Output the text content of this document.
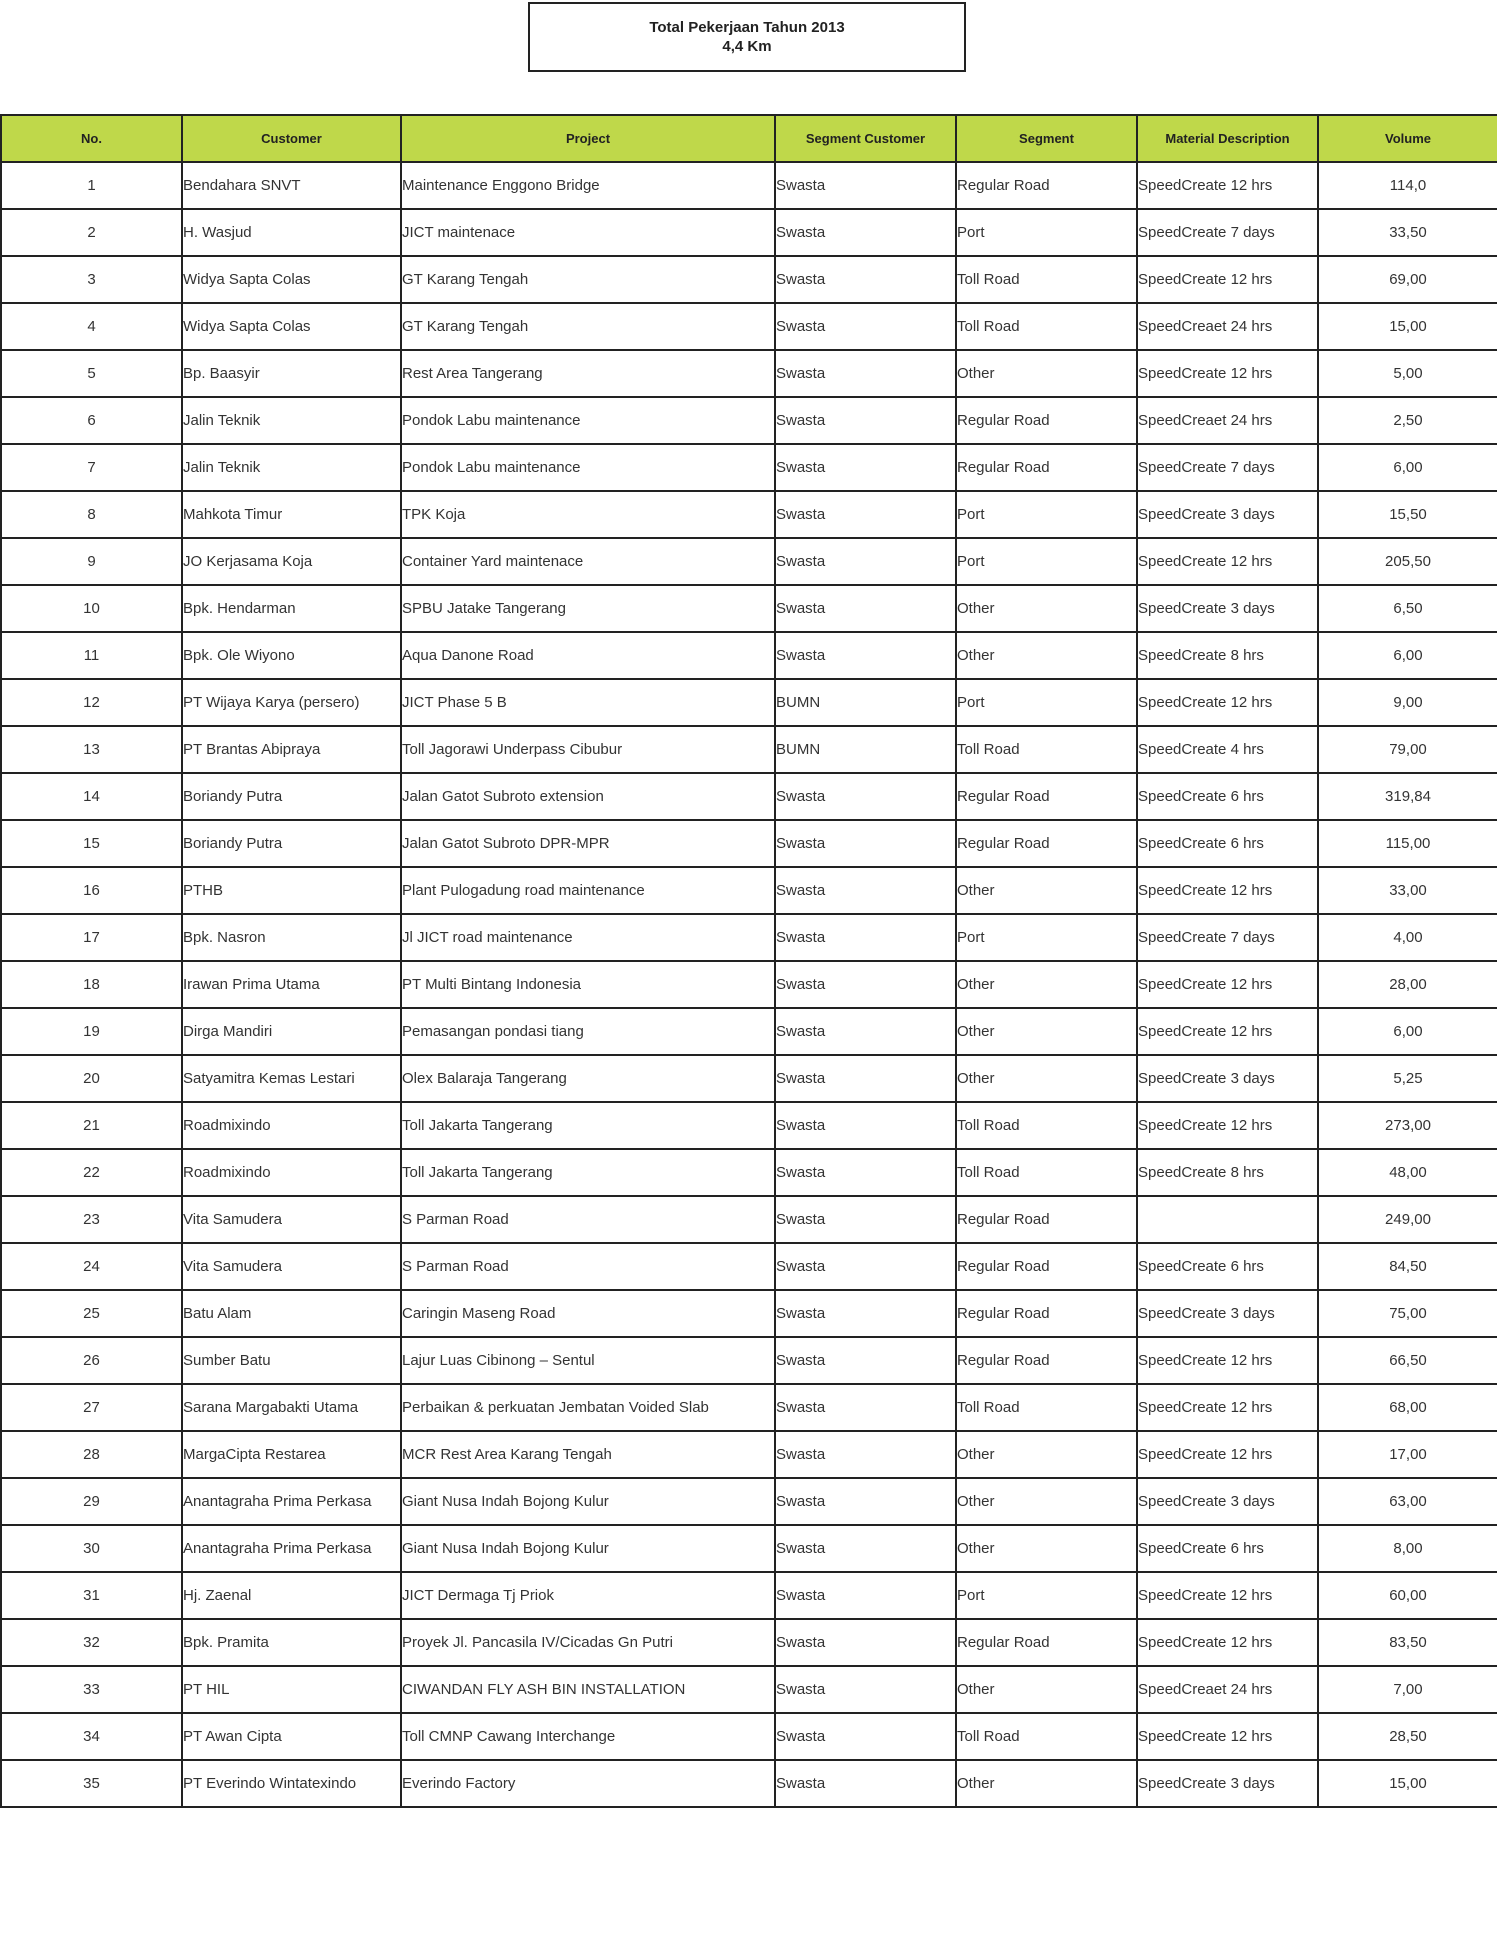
Total Pekerjaan Tahun 2013
4,4 Km
No.	Customer	Project	Segment Customer	Segment	Material Description	Volume
1	Bendahara SNVT	Maintenance Enggono Bridge	Swasta	Regular Road	SpeedCreate 12 hrs	114,0
2	H. Wasjud	JICT maintenace	Swasta	Port	SpeedCreate 7 days	33,50
3	Widya Sapta Colas	GT Karang Tengah	Swasta	Toll Road	SpeedCreate 12 hrs	69,00
4	Widya Sapta Colas	GT Karang Tengah	Swasta	Toll Road	SpeedCreaet 24 hrs	15,00
5	Bp. Baasyir	Rest Area Tangerang	Swasta	Other	SpeedCreate 12 hrs	5,00
6	Jalin Teknik	Pondok Labu maintenance	Swasta	Regular Road	SpeedCreaet 24 hrs	2,50
7	Jalin Teknik	Pondok Labu maintenance	Swasta	Regular Road	SpeedCreate 7 days	6,00
8	Mahkota Timur	TPK Koja	Swasta	Port	SpeedCreate 3 days	15,50
9	JO Kerjasama Koja	Container Yard maintenace	Swasta	Port	SpeedCreate 12 hrs	205,50
10	Bpk. Hendarman	SPBU Jatake Tangerang	Swasta	Other	SpeedCreate 3 days	6,50
11	Bpk. Ole Wiyono	Aqua Danone Road	Swasta	Other	SpeedCreate 8 hrs	6,00
12	PT Wijaya Karya (persero)	JICT Phase 5 B	BUMN	Port	SpeedCreate 12 hrs	9,00
13	PT Brantas Abipraya	Toll Jagorawi Underpass Cibubur	BUMN	Toll Road	SpeedCreate 4 hrs	79,00
14	Boriandy Putra	Jalan Gatot Subroto extension	Swasta	Regular Road	SpeedCreate 6 hrs	319,84
15	Boriandy Putra	Jalan Gatot Subroto DPR-MPR	Swasta	Regular Road	SpeedCreate 6 hrs	115,00
16	PTHB	Plant Pulogadung road maintenance	Swasta	Other	SpeedCreate 12 hrs	33,00
17	Bpk. Nasron	Jl JICT road maintenance	Swasta	Port	SpeedCreate 7 days	4,00
18	Irawan Prima Utama	PT Multi Bintang Indonesia	Swasta	Other	SpeedCreate 12 hrs	28,00
19	Dirga Mandiri	Pemasangan pondasi tiang	Swasta	Other	SpeedCreate 12 hrs	6,00
20	Satyamitra Kemas Lestari	Olex Balaraja Tangerang	Swasta	Other	SpeedCreate 3 days	5,25
21	Roadmixindo	Toll Jakarta Tangerang	Swasta	Toll Road	SpeedCreate 12 hrs	273,00
22	Roadmixindo	Toll Jakarta Tangerang	Swasta	Toll Road	SpeedCreate 8 hrs	48,00
23	Vita Samudera	S Parman Road	Swasta	Regular Road		249,00
24	Vita Samudera	S Parman Road	Swasta	Regular Road	SpeedCreate 6 hrs	84,50
25	Batu Alam	Caringin Maseng Road	Swasta	Regular Road	SpeedCreate 3 days	75,00
26	Sumber Batu	Lajur Luas Cibinong – Sentul	Swasta	Regular Road	SpeedCreate 12 hrs	66,50
27	Sarana Margabakti Utama	Perbaikan & perkuatan Jembatan Voided Slab	Swasta	Toll Road	SpeedCreate 12 hrs	68,00
28	MargaCipta Restarea	MCR Rest Area Karang Tengah	Swasta	Other	SpeedCreate 12 hrs	17,00
29	Anantagraha Prima Perkasa	Giant Nusa Indah Bojong Kulur	Swasta	Other	SpeedCreate 3 days	63,00
30	Anantagraha Prima Perkasa	Giant Nusa Indah Bojong Kulur	Swasta	Other	SpeedCreate 6 hrs	8,00
31	Hj. Zaenal	JICT Dermaga Tj Priok	Swasta	Port	SpeedCreate 12 hrs	60,00
32	Bpk. Pramita	Proyek Jl. Pancasila IV/Cicadas Gn Putri	Swasta	Regular Road	SpeedCreate 12 hrs	83,50
33	PT HIL	CIWANDAN FLY ASH BIN INSTALLATION	Swasta	Other	SpeedCreaet 24 hrs	7,00
34	PT Awan Cipta	Toll CMNP Cawang Interchange	Swasta	Toll Road	SpeedCreate 12 hrs	28,50
35	PT Everindo Wintatexindo	Everindo Factory	Swasta	Other	SpeedCreate 3 days	15,00
